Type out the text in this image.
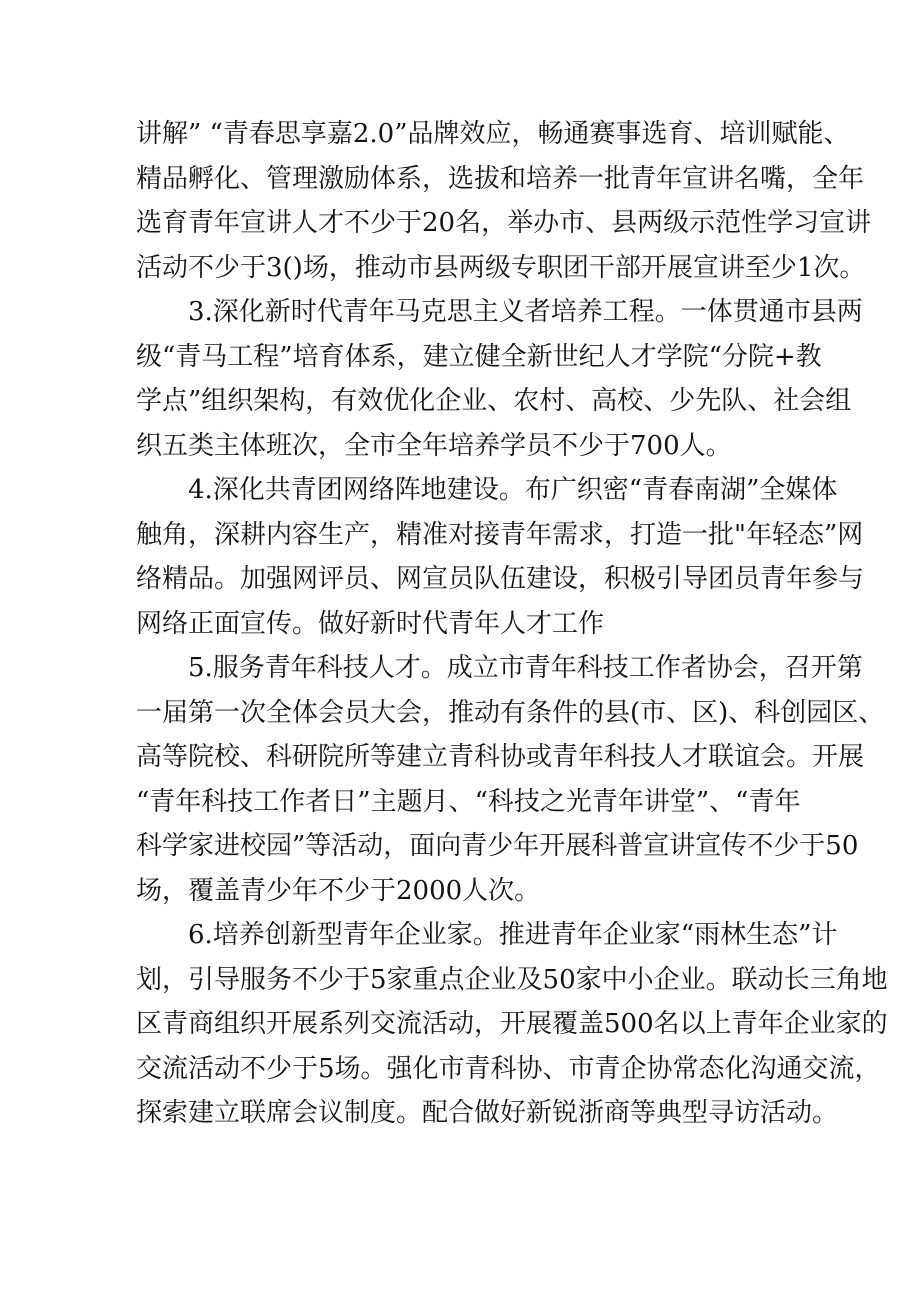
讲解” “青春思享嘉2.0”品牌效应，畅通赛事选育、培训赋能、
精品孵化、管理激励体系，选拔和培养一批青年宣讲名嘴，全年
选育青年宣讲人才不少于20名，举办市、县两级示范性学习宣讲
活动不少于3()场，推动市县两级专职团干部开展宣讲至少1次。
3.深化新时代青年马克思主义者培养工程。一体贯通市县两
级“青马工程”培育体系，建立健全新世纪人才学院“分院+教
学点”组织架构，有效优化企业、农村、高校、少先队、社会组
织五类主体班次，全市全年培养学员不少于700人。
4.深化共青团网络阵地建设。布广织密“青春南湖”全媒体
触角，深耕内容生产，精准对接青年需求，打造一批"年轻态”网
络精品。加强网评员、网宣员队伍建设，积极引导团员青年参与
网络正面宣传。做好新时代青年人才工作
5.服务青年科技人才。成立市青年科技工作者协会，召开第
一届第一次全体会员大会，推动有条件的县(市、区)、科创园区、
高等院校、科研院所等建立青科协或青年科技人才联谊会。开展
“青年科技工作者日”主题月、“科技之光青年讲堂”、“青年
科学家进校园”等活动，面向青少年开展科普宣讲宣传不少于50
场，覆盖青少年不少于2000人次。
6.培养创新型青年企业家。推进青年企业家“雨林生态”计
划，引导服务不少于5家重点企业及50家中小企业。联动长三角地
区青商组织开展系列交流活动，开展覆盖500名以上青年企业家的
交流活动不少于5场。强化市青科协、市青企协常态化沟通交流，
探索建立联席会议制度。配合做好新锐浙商等典型寻访活动。
